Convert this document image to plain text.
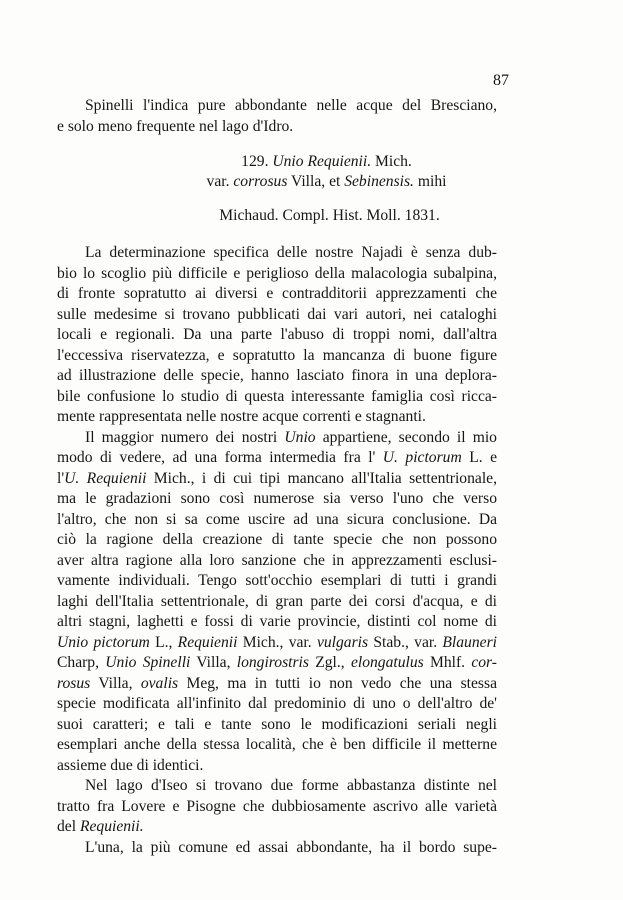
87
Spinelli l'indica pure abbondante nelle acque del Bresciano,
e solo meno frequente nel lago d'Idro.
129. Unio Requienii. Mich.
var. corrosus Villa, et Sebinensis. mihi
Michaud. Compl. Hist. Moll. 1831.
La determinazione specifica delle nostre Najadi è senza dub-
bio lo scoglio più difficile e periglioso della malacologia subalpina,
di fronte sopratutto ai diversi e contradditorii apprezzamenti che
sulle medesime si trovano pubblicati dai vari autori, nei cataloghi
locali e regionali. Da una parte l'abuso di troppi nomi, dall'altra
l'eccessiva riservatezza, e sopratutto la mancanza di buone figure
ad illustrazione delle specie, hanno lasciato finora in una deplora-
bile confusione lo studio di questa interessante famiglia così ricca-
mente rappresentata nelle nostre acque correnti e stagnanti.
Il maggior numero dei nostri Unio appartiene, secondo il mio
modo di vedere, ad una forma intermedia fra l' U. pictorum L. e
l'U. Requienii Mich., i di cui tipi mancano all'Italia settentrionale,
ma le gradazioni sono così numerose sia verso l'uno che verso
l'altro, che non si sa come uscire ad una sicura conclusione. Da
ciò la ragione della creazione di tante specie che non possono
aver altra ragione alla loro sanzione che in apprezzamenti esclusi-
vamente individuali. Tengo sott'occhio esemplari di tutti i grandi
laghi dell'Italia settentrionale, di gran parte dei corsi d'acqua, e di
altri stagni, laghetti e fossi di varie provincie, distinti col nome di
Unio pictorum L., Requienii Mich., var. vulgaris Stab., var. Blauneri
Charp, Unio Spinelli Villa, longirostris Zgl., elongatulus Mhlf. cor-
rosus Villa, ovalis Meg, ma in tutti io non vedo che una stessa
specie modificata all'infinito dal predominio di uno o dell'altro de'
suoi caratteri; e tali e tante sono le modificazioni seriali negli
esemplari anche della stessa località, che è ben difficile il metterne
assieme due di identici.
Nel lago d'Iseo si trovano due forme abbastanza distinte nel
tratto fra Lovere e Pisogne che dubbiosamente ascrivo alle varietà
del Requienii.
L'una, la più comune ed assai abbondante, ha il bordo supe-
